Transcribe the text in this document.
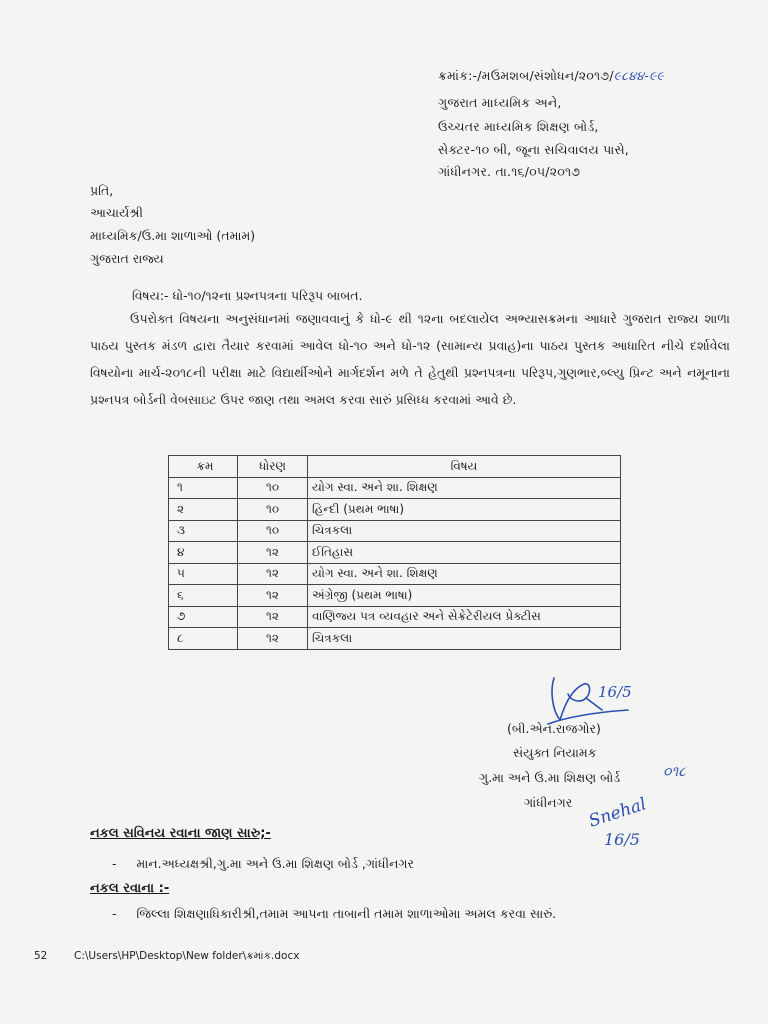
ક્રમાંક:-/મઉમશબ/સંશોધન/૨૦૧૭/૯૮૪૪-૯૯
ગુજરાત માધ્યમિક અને,
ઉચ્ચતર માધ્યમિક શિક્ષણ બોર્ડ,
સેક્ટર-૧૦ બી, જૂના સચિવાલય પાસે,
ગાંધીનગર. તા.૧૬/૦૫/૨૦૧૭
પ્રતિ,
આચાર્યશ્રી
માધ્યમિક/ઉ.મા શાળાઓ (તમામ)
ગુજરાત રાજ્ય
વિષય:- ધો-૧૦/૧૨ના પ્રશ્નપત્રના પરિરૂપ બાબત.

ઉપરોક્ત વિષયના અનુસંધાનમાં જણાવવાનું કે ધો-૯ થી ૧૨ના બદલાયેલ અભ્યાસક્રમના આધારે ગુજરાત રાજ્ય શાળા પાઠય પુસ્તક મંડળ દ્વારા તૈયાર કરવામાં આવેલ ધો-૧૦ અને ધો-૧૨ (સામાન્ય પ્રવાહ)ના પાઠય પુસ્તક આધારિત નીચે દર્શાવેલા વિષયોના માર્ચ-૨૦૧૮ની પરીક્ષા માટે વિદ્યાર્થીઓને માર્ગદર્શન મળે તે હેતુથી પ્રશ્નપત્રના પરિરૂપ,ગુણભાર,બ્લ્યુ પ્રિન્ટ અને નમૂનાના પ્રશ્નપત્ર બોર્ડની વેબસાઇટ ઉપર જાણ તથા અમલ કરવા સારું પ્રસિધ્ધ કરવામાં આવે છે.

ક્રમ	ધોરણ	વિષય
૧	૧૦	યોગ સ્વા. અને શા. શિક્ષણ
૨	૧૦	હિન્દી (પ્રથમ ભાષા)
૩	૧૦	ચિત્રકલા
૪	૧૨	ઈતિહાસ
૫	૧૨	યોગ સ્વા. અને શા. શિક્ષણ
૬	૧૨	અંગ્રેજી (પ્રથમ ભાષા)
૭	૧૨	વાણિજ્ય પત્ર વ્યવહાર અને સેક્રેટેરીયલ પ્રેક્ટીસ
૮	૧૨	ચિત્રકલા
16/5
(બી.એન.રાજગોર)
સંયુક્ત નિયામક
ગુ.મા અને ઉ.મા શિક્ષણ બોર્ડ	૦૧૮
ગાંધીનગર Snehal
16/5
નકલ સવિનય રવાના જાણ સારુ;-
-     માન.અધ્યક્ષશ્રી,ગુ.મા અને ઉ.મા શિક્ષણ બોર્ડ ,ગાંધીનગર
નકલ રવાના :-
-     જિલ્લા શિક્ષણાધિકારીશ્રી,તમામ આપના તાબાની તમામ શાળાઓમા અમલ કરવા સારું.
52	C:\Users\HP\Desktop\New folder\ક્રમાંક.docx
